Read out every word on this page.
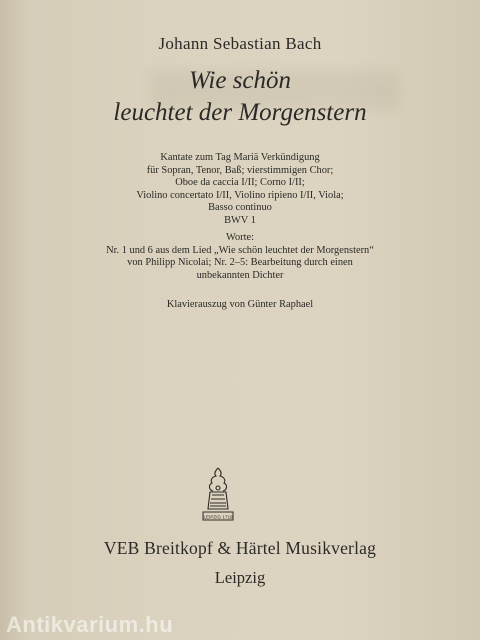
Johann Sebastian Bach
Wie schön
leuchtet der Morgenstern
Kantate zum Tag Mariä Verkündigung
für Sopran, Tenor, Baß; vierstimmigen Chor;
Oboe da caccia I/II; Corno I/II;
Violino concertato I/II, Violino ripieno I/II, Viola;
Basso continuo
BWV 1
Worte:
Nr. 1 und 6 aus dem Lied „Wie schön leuchtet der Morgenstern“
von Philipp Nicolai; Nr. 2–5: Bearbeitung durch einen
unbekannten Dichter
Klavierauszug von Günter Raphael
LEIPZIG 1719
VEB Breitkopf & Härtel Musikverlag
Leipzig
Antikvarium.hu
